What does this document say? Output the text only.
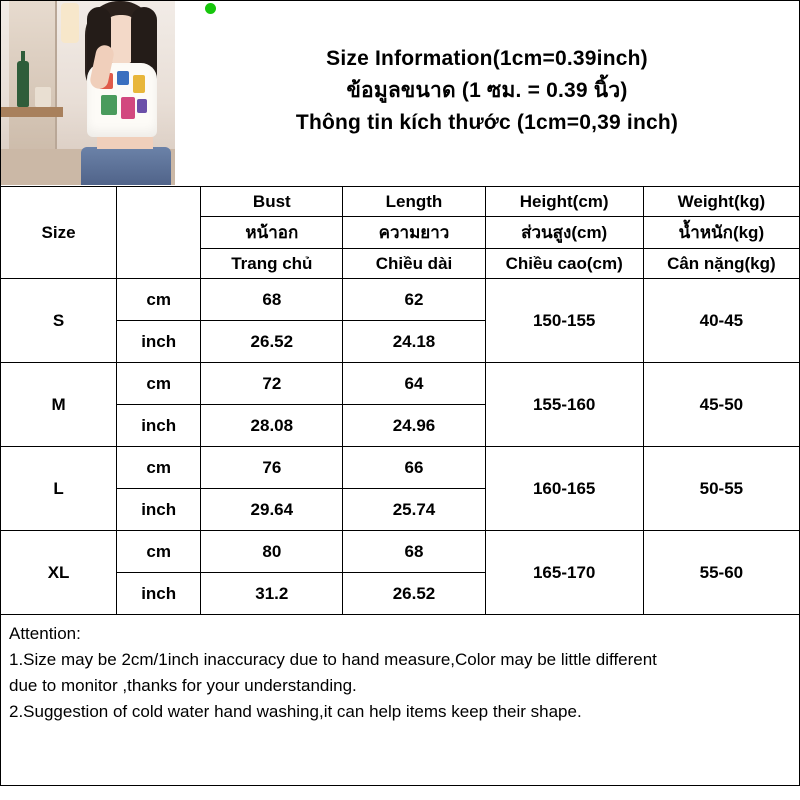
Size Information(1cm=0.39inch)
ข้อมูลขนาด (1 ซม. = 0.39 นิ้ว)
Thông tin kích thước (1cm=0,39 inch)
Size		Bust	Length	Height(cm)	Weight(kg)
		หน้าอก	ความยาว	ส่วนสูง(cm)	น้ำหนัก(kg)
		Trang chủ	Chiều dài	Chiều cao(cm)	Cân nặng(kg)
S	cm	68	62	150-155	40-45
	inch	26.52	24.18		
M	cm	72	64	155-160	45-50
	inch	28.08	24.96		
L	cm	76	66	160-165	50-55
	inch	29.64	25.74		
XL	cm	80	68	165-170	55-60
	inch	31.2	26.52		

Attention:

1.Size may be 2cm/1inch inaccuracy due to hand measure,Color may be little different

due to monitor ,thanks for your understanding.

2.Suggestion of cold water hand washing,it can help items keep their shape.
